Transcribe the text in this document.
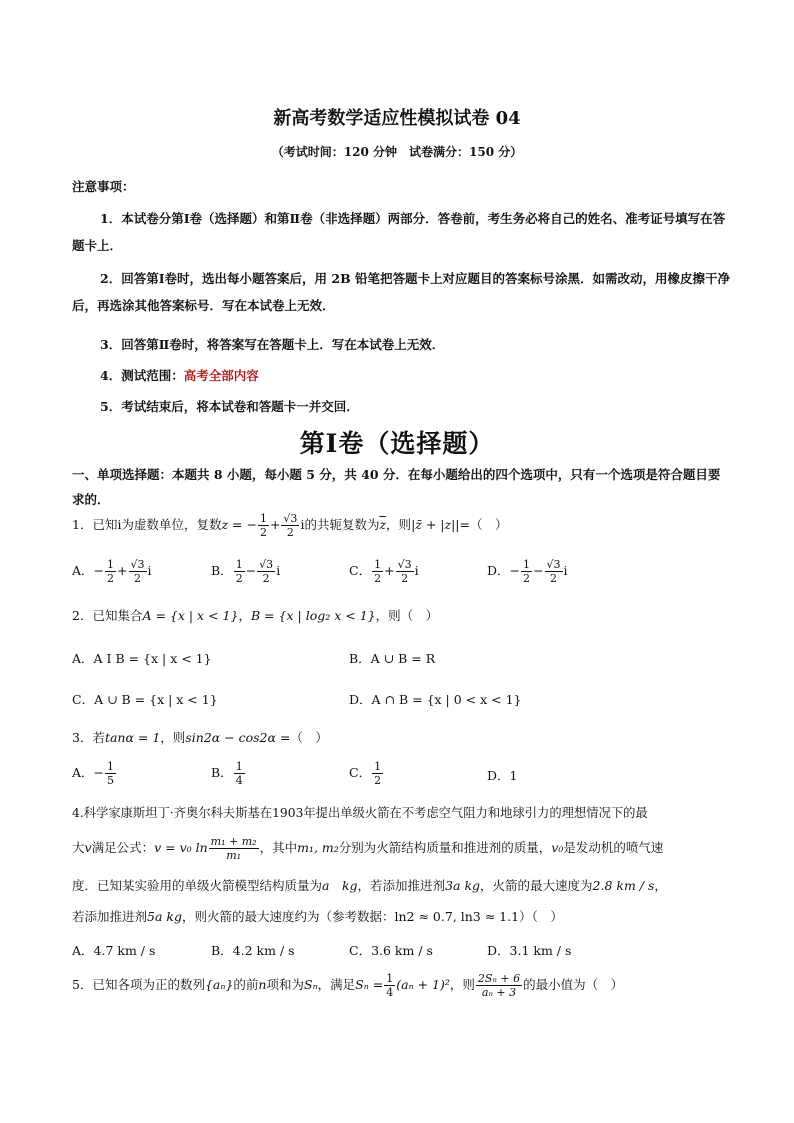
新高考数学适应性模拟试卷 04
（考试时间：120 分钟　试卷满分：150 分）
注意事项：
1．本试卷分第Ⅰ卷（选择题）和第Ⅱ卷（非选择题）两部分．答卷前，考生务必将自己的姓名、准考证号填写在答题卡上．
2．回答第Ⅰ卷时，选出每小题答案后，用 2B 铅笔把答题卡上对应题目的答案标号涂黑．如需改动，用橡皮擦干净后，再选涂其他答案标号．写在本试卷上无效．
3．回答第Ⅱ卷时，将答案写在答题卡上．写在本试卷上无效．
4．测试范围：高考全部内容
5．考试结束后，将本试卷和答题卡一并交回．
第Ⅰ卷（选择题）
一、单项选择题：本题共 8 小题，每小题 5 分，共 40 分．在每小题给出的四个选项中，只有一个选项是符合题目要求的．
1．已知i为虚数单位，复数z = − $\frac{1}{2} + \frac{√3}{2}$ i的共轭复数为$\overline{z}$，则|z̄ + |z||=（　）
A．− $\frac{1}{2} + \frac{√3}{2}$ i	B． $\frac{1}{2} - \frac{√3}{2}$ i	C． $\frac{1}{2} + \frac{√3}{2}$ i	D．− $\frac{1}{2} - \frac{√3}{2}$ i
2．已知集合A = {x | x < 1}，B = {x | log₂ x < 1}，则（　）
A．A I B = {x | x < 1}	B．A ∪ B = R
C．A ∪ B = {x | x < 1}	D．A ∩ B = {x | 0 < x < 1}
3．若tanα = 1，则sin2α − cos2α =（　）
A．− $\frac{1}{5}$	B． $\frac{1}{4}$	C． $\frac{1}{2}$	D．1
4.科学家康斯坦丁·齐奥尔科夫斯基在1903年提出单级火箭在不考虑空气阻力和地球引力的理想情况下的最
大v满足公式：v = v₀ $\ln \frac{\text{m₁ + m₂}}{\text{m₁}}$ ，其中m₁, m₂分别为火箭结构质量和推进剂的质量，v₀是发动机的喷气速
度．已知某实验用的单级火箭模型结构质量为a　kg，若添加推进剂3a kg，火箭的最大速度为2.8 km / s，
若添加推进剂5a kg，则火箭的最大速度约为（参考数据：ln2 ≈ 0.7, ln3 ≈ 1.1）（　）
A．4.7 km / s	B．4.2 km / s	C．3.6 km / s	D．3.1 km / s
5．已知各项为正的数列{aₙ}的前n项和为Sₙ，满足$S_n = \frac{1}{4} (a_n + 1)^2$，则 $\frac{\text{2Sₙ + 6}}{\text{aₙ + 3}}$ 的最小值为（　）
